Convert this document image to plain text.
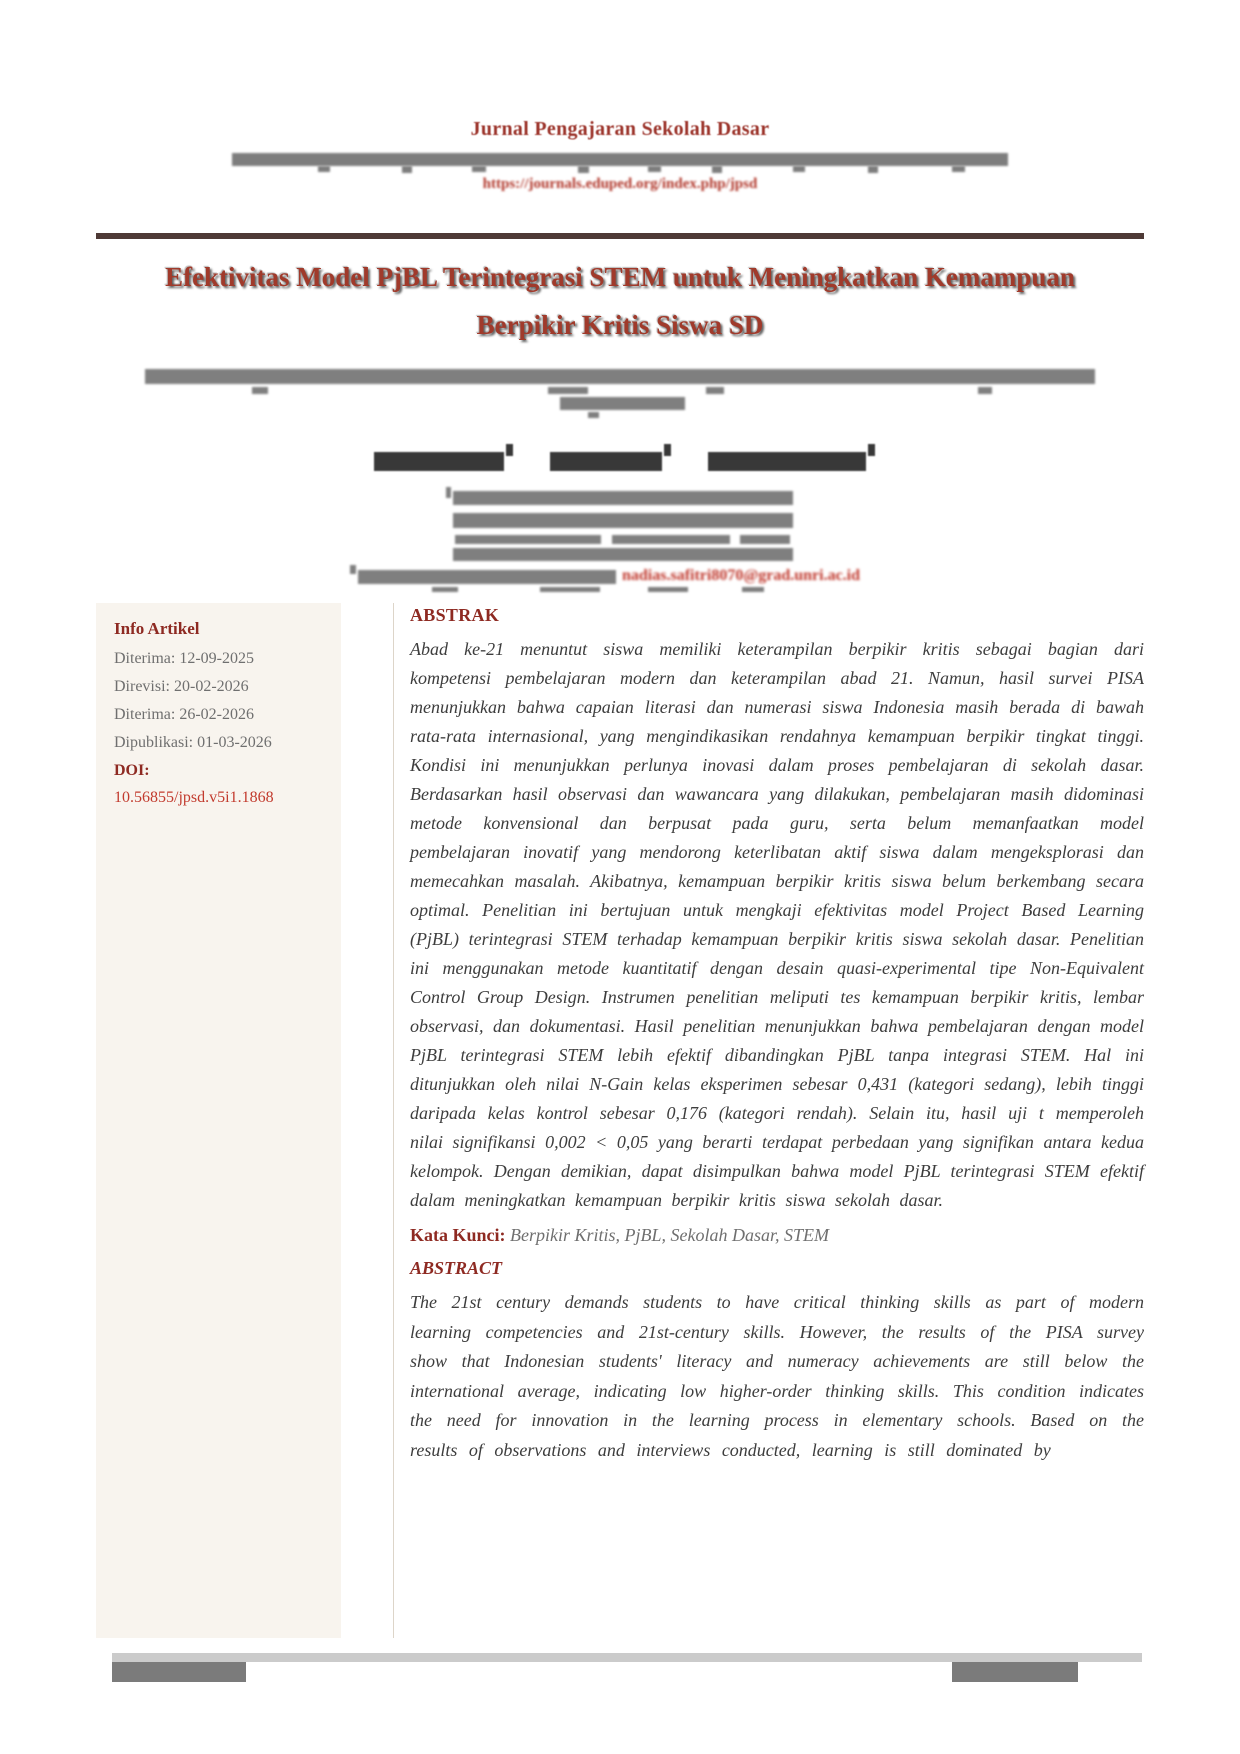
Jurnal Pengajaran Sekolah Dasar
https://journals.eduped.org/index.php/jpsd
Efektivitas Model PjBL Terintegrasi STEM untuk Meningkatkan Kemampuan
Berpikir Kritis Siswa SD
nadias.safitri8070@grad.unri.ac.id
Info Artikel
Diterima: 12-09-2025
Direvisi: 20-02-2026
Diterima: 26-02-2026
Dipublikasi: 01-03-2026
DOI:
10.56855/jpsd.v5i1.1868
ABSTRAK

Abad ke-21 menuntut siswa memiliki keterampilan berpikir kritis sebagai bagian dari kompetensi pembelajaran modern dan keterampilan abad 21. Namun, hasil survei PISA menunjukkan bahwa capaian literasi dan numerasi siswa Indonesia masih berada di bawah rata-rata internasional, yang mengindikasikan rendahnya kemampuan berpikir tingkat tinggi. Kondisi ini menunjukkan perlunya inovasi dalam proses pembelajaran di sekolah dasar. Berdasarkan hasil observasi dan wawancara yang dilakukan, pembelajaran masih didominasi metode konvensional dan berpusat pada guru, serta belum memanfaatkan model pembelajaran inovatif yang mendorong keterlibatan aktif siswa dalam mengeksplorasi dan memecahkan masalah. Akibatnya, kemampuan berpikir kritis siswa belum berkembang secara optimal. Penelitian ini bertujuan untuk mengkaji efektivitas model Project Based Learning (PjBL) terintegrasi STEM terhadap kemampuan berpikir kritis siswa sekolah dasar. Penelitian ini menggunakan metode kuantitatif dengan desain quasi-experimental tipe Non-Equivalent Control Group Design. Instrumen penelitian meliputi tes kemampuan berpikir kritis, lembar observasi, dan dokumentasi. Hasil penelitian menunjukkan bahwa pembelajaran dengan model PjBL terintegrasi STEM lebih efektif dibandingkan PjBL tanpa integrasi STEM. Hal ini ditunjukkan oleh nilai N-Gain kelas eksperimen sebesar 0,431 (kategori sedang), lebih tinggi daripada kelas kontrol sebesar 0,176 (kategori rendah). Selain itu, hasil uji t memperoleh nilai signifikansi 0,002 < 0,05 yang berarti terdapat perbedaan yang signifikan antara kedua kelompok. Dengan demikian, dapat disimpulkan bahwa model PjBL terintegrasi STEM efektif dalam meningkatkan kemampuan berpikir kritis siswa sekolah dasar.

Kata Kunci: Berpikir Kritis, PjBL, Sekolah Dasar, STEM
ABSTRACT

The 21st century demands students to have critical thinking skills as part of modern learning competencies and 21st-century skills. However, the results of the PISA survey show that Indonesian students' literacy and numeracy achievements are still below the international average, indicating low higher-order thinking skills. This condition indicates the need for innovation in the learning process in elementary schools. Based on the results of observations and interviews conducted, learning is still dominated by
